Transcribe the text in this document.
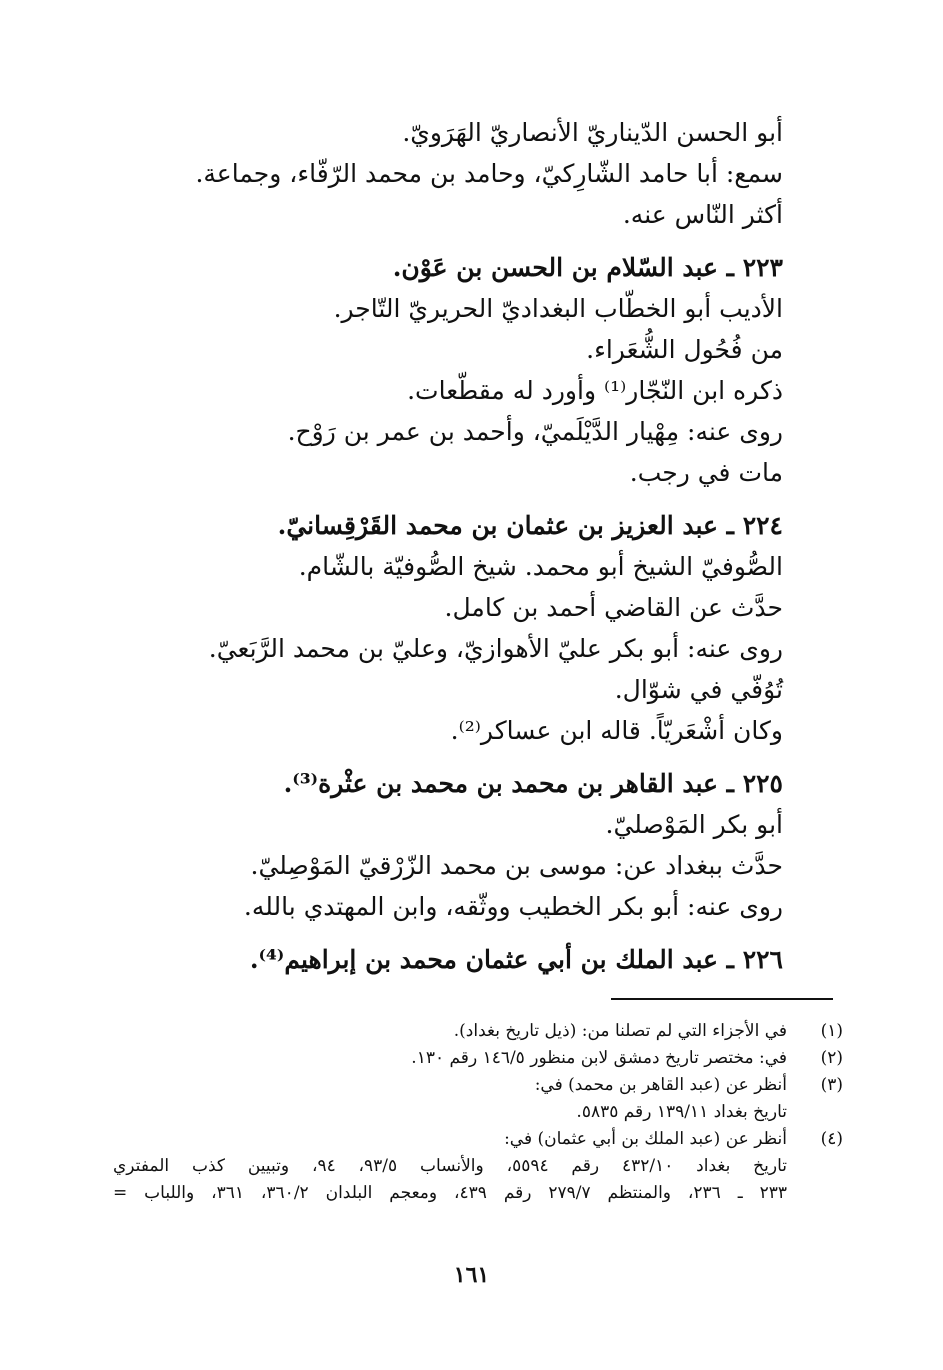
أبو الحسن الدّيناريّ الأنصاريّ الهَرَويّ.
سمع: أبا حامد الشّارِكيّ، وحامد بن محمد الرّفّاء، وجماعة.
أكثر النّاس عنه.
٢٢٣ ـ عبد السّلام بن الحسن بن عَوْن.
الأديب أبو الخطّاب البغداديّ الحريريّ التّاجر.
من فُحُول الشُّعَراء.
ذكره ابن النّجّار⁽¹⁾ وأورد له مقطّعات.
روى عنه: مِهْيار الدَّيْلَميّ، وأحمد بن عمر بن رَوْح.
مات في رجب.
٢٢٤ ـ عبد العزيز بن عثمان بن محمد القَرْقِسانيّ.
الصُّوفيّ الشيخ أبو محمد. شيخ الصُّوفيّة بالشّام.
حدَّث عن القاضي أحمد بن كامل.
روى عنه: أبو بكر عليّ الأهوازيّ، وعليّ بن محمد الرَّبَعيّ.
تُوُفّي في شوّال.
وكان أشْعَريّاً. قاله ابن عساكر⁽²⁾.
٢٢٥ ـ عبد القاهر بن محمد بن محمد بن عثْرة⁽³⁾.
أبو بكر المَوْصليّ.
حدَّث ببغداد عن: موسى بن محمد الزّرْقيّ المَوْصِليّ.
روى عنه: أبو بكر الخطيب ووثّقه، وابن المهتدي بالله.
٢٢٦ ـ عبد الملك بن أبي عثمان محمد بن إبراهيم⁽⁴⁾.
(١)
في الأجزاء التي لم تصلنا من: (ذيل تاريخ بغداد).
(٢)
في: مختصر تاريخ دمشق لابن منظور ١٤٦/٥ رقم ١٣٠.
(٣)
أنظر عن (عبد القاهر بن محمد) في:
تاريخ بغداد ١٣٩/١١ رقم ٥٨٣٥.
(٤)
أنظر عن (عبد الملك بن أبي عثمان) في:
تاريخ بغداد ٤٣٢/١٠ رقم ٥٥٩٤، والأنساب ٩٣/٥، ٩٤، وتبيين كذب المفتري
٢٣٣ ـ ٢٣٦، والمنتظم ٢٧٩/٧ رقم ٤٣٩، ومعجم البلدان ٣٦٠/٢، ٣٦١، واللباب =
١٦١
